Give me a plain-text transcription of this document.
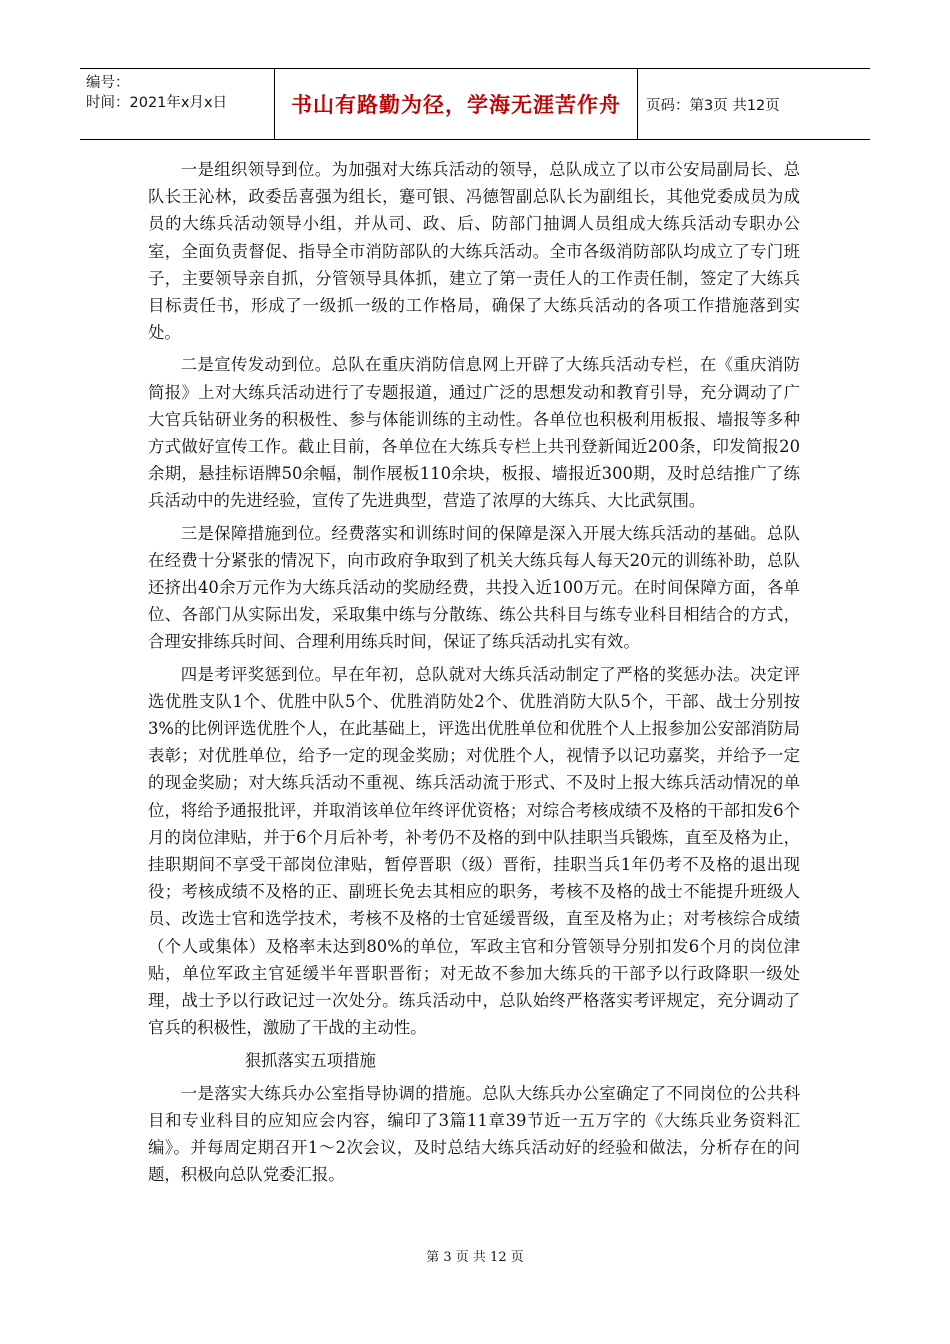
编号：
时间：2021年x月x日	书山有路勤为径，学海无涯苦作舟	页码：第3页 共12页

一是组织领导到位。为加强对大练兵活动的领导，总队成立了以市公安局副局长、总队长王沁林，政委岳喜强为组长，蹇可银、冯德智副总队长为副组长，其他党委成员为成员的大练兵活动领导小组，并从司、政、后、防部门抽调人员组成大练兵活动专职办公室，全面负责督促、指导全市消防部队的大练兵活动。全市各级消防部队均成立了专门班子，主要领导亲自抓，分管领导具体抓，建立了第一责任人的工作责任制，签定了大练兵目标责任书，形成了一级抓一级的工作格局，确保了大练兵活动的各项工作措施落到实处。

二是宣传发动到位。总队在重庆消防信息网上开辟了大练兵活动专栏，在《重庆消防简报》上对大练兵活动进行了专题报道，通过广泛的思想发动和教育引导，充分调动了广大官兵钻研业务的积极性、参与体能训练的主动性。各单位也积极利用板报、墙报等多种方式做好宣传工作。截止目前，各单位在大练兵专栏上共刊登新闻近200条，印发简报20余期，悬挂标语牌50余幅，制作展板110余块，板报、墙报近300期，及时总结推广了练兵活动中的先进经验，宣传了先进典型，营造了浓厚的大练兵、大比武氛围。

三是保障措施到位。经费落实和训练时间的保障是深入开展大练兵活动的基础。总队在经费十分紧张的情况下，向市政府争取到了机关大练兵每人每天20元的训练补助，总队还挤出40余万元作为大练兵活动的奖励经费，共投入近100万元。在时间保障方面，各单位、各部门从实际出发，采取集中练与分散练、练公共科目与练专业科目相结合的方式，合理安排练兵时间、合理利用练兵时间，保证了练兵活动扎实有效。

四是考评奖惩到位。早在年初，总队就对大练兵活动制定了严格的奖惩办法。决定评选优胜支队1个、优胜中队5个、优胜消防处2个、优胜消防大队5个，干部、战士分别按3%的比例评选优胜个人，在此基础上，评选出优胜单位和优胜个人上报参加公安部消防局表彰；对优胜单位，给予一定的现金奖励；对优胜个人，视情予以记功嘉奖，并给予一定的现金奖励；对大练兵活动不重视、练兵活动流于形式、不及时上报大练兵活动情况的单位，将给予通报批评，并取消该单位年终评优资格；对综合考核成绩不及格的干部扣发6个月的岗位津贴，并于6个月后补考，补考仍不及格的到中队挂职当兵锻炼，直至及格为止，挂职期间不享受干部岗位津贴，暂停晋职（级）晋衔，挂职当兵1年仍考不及格的退出现役；考核成绩不及格的正、副班长免去其相应的职务，考核不及格的战士不能提升班级人员、改选士官和选学技术，考核不及格的士官延缓晋级，直至及格为止；对考核综合成绩（个人或集体）及格率未达到80%的单位，军政主官和分管领导分别扣发6个月的岗位津贴，单位军政主官延缓半年晋职晋衔；对无故不参加大练兵的干部予以行政降职一级处理，战士予以行政记过一次处分。练兵活动中，总队始终严格落实考评规定，充分调动了官兵的积极性，激励了干战的主动性。

狠抓落实五项措施

一是落实大练兵办公室指导协调的措施。总队大练兵办公室确定了不同岗位的公共科目和专业科目的应知应会内容，编印了3篇11章39节近一五万字的《大练兵业务资料汇编》。并每周定期召开1～2次会议，及时总结大练兵活动好的经验和做法，分析存在的问题，积极向总队党委汇报。

第 3 页 共 12 页
